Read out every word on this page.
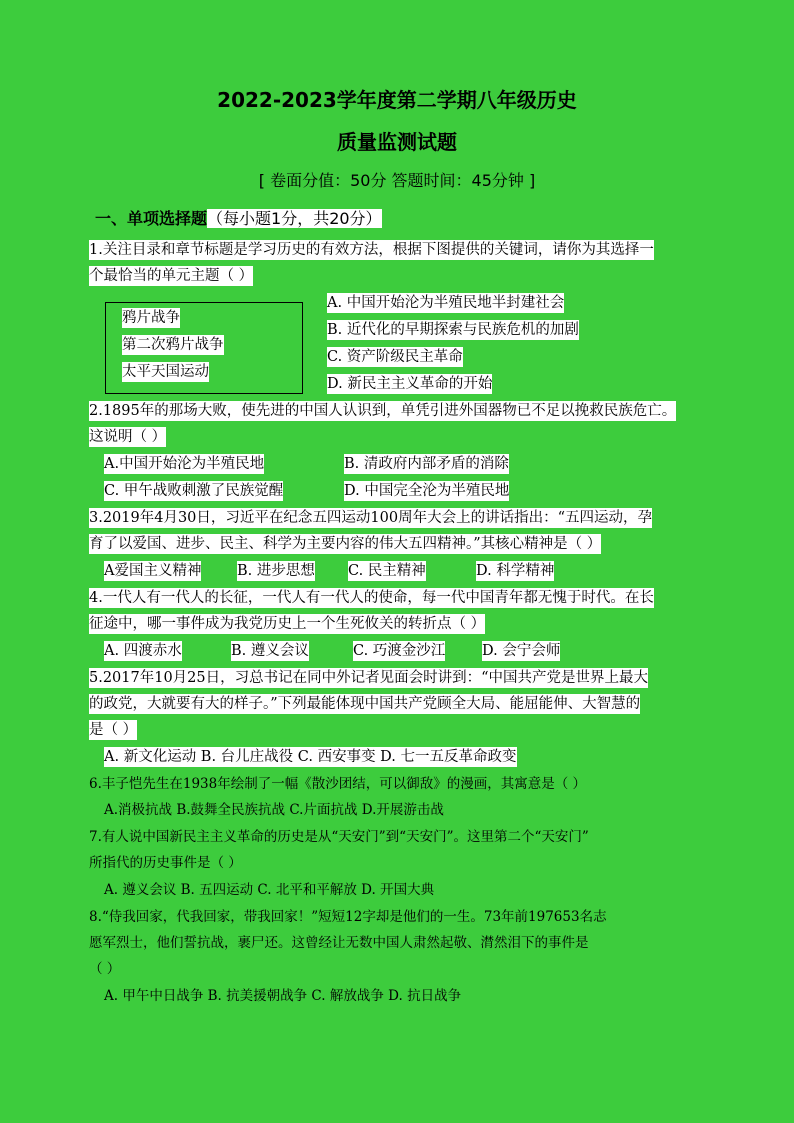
2022-2023学年度第二学期八年级历史
质量监测试题
[ 卷面分值：50分 答题时间：45分钟 ]
一、单项选择题（每小题1分，共20分）
1.关注目录和章节标题是学习历史的有效方法，根据下图提供的关键词，请你为其选择一
个最恰当的单元主题（ ）
鸦片战争
第二次鸦片战争
太平天国运动
A. 中国开始沦为半殖民地半封建社会
B. 近代化的早期探索与民族危机的加剧
C. 资产阶级民主革命
D. 新民主主义革命的开始
2.1895年的那场大败，使先进的中国人认识到，单凭引进外国器物已不足以挽救民族危亡。
这说明（ ）
A.中国开始沦为半殖民地	B. 清政府内部矛盾的消除
C. 甲午战败刺激了民族觉醒	D. 中国完全沦为半殖民地
3.2019年4月30日，习近平在纪念五四运动100周年大会上的讲话指出：“五四运动，孕
育了以爱国、进步、民主、科学为主要内容的伟大五四精神。”其核心精神是（ ）
A爱国主义精神 B. 进步思想 C. 民主精神	D. 科学精神
4.一代人有一代人的长征，一代人有一代人的使命，每一代中国青年都无愧于时代。在长
征途中，哪一事件成为我党历史上一个生死攸关的转折点（ ）
A. 四渡赤水	B. 遵义会议	C. 巧渡金沙江	D. 会宁会师
5.2017年10月25日，习总书记在同中外记者见面会时讲到：“中国共产党是世界上最大
的政党，大就要有大的样子。”下列最能体现中国共产党顾全大局、能屈能伸、大智慧的
是（ ）
A. 新文化运动 B. 台儿庄战役 C. 西安事变 D. 七一五反革命政变
6.丰子恺先生在1938年绘制了一幅《散沙团结，可以御敌》的漫画，其寓意是（ ）
A.消极抗战 B.鼓舞全民族抗战 C.片面抗战 D.开展游击战
7.有人说中国新民主主义革命的历史是从“天安门”到“天安门”。这里第二个“天安门”
所指代的历史事件是（ ）
A. 遵义会议 B. 五四运动 C. 北平和平解放 D. 开国大典
8.“侍我回家，代我回家，带我回家！”短短12字却是他们的一生。73年前197653名志
愿军烈士，他们誓抗战，裹尸还。这曾经让无数中国人肃然起敬、潸然泪下的事件是
（ ）
A. 甲午中日战争 B. 抗美援朝战争 C. 解放战争 D. 抗日战争
